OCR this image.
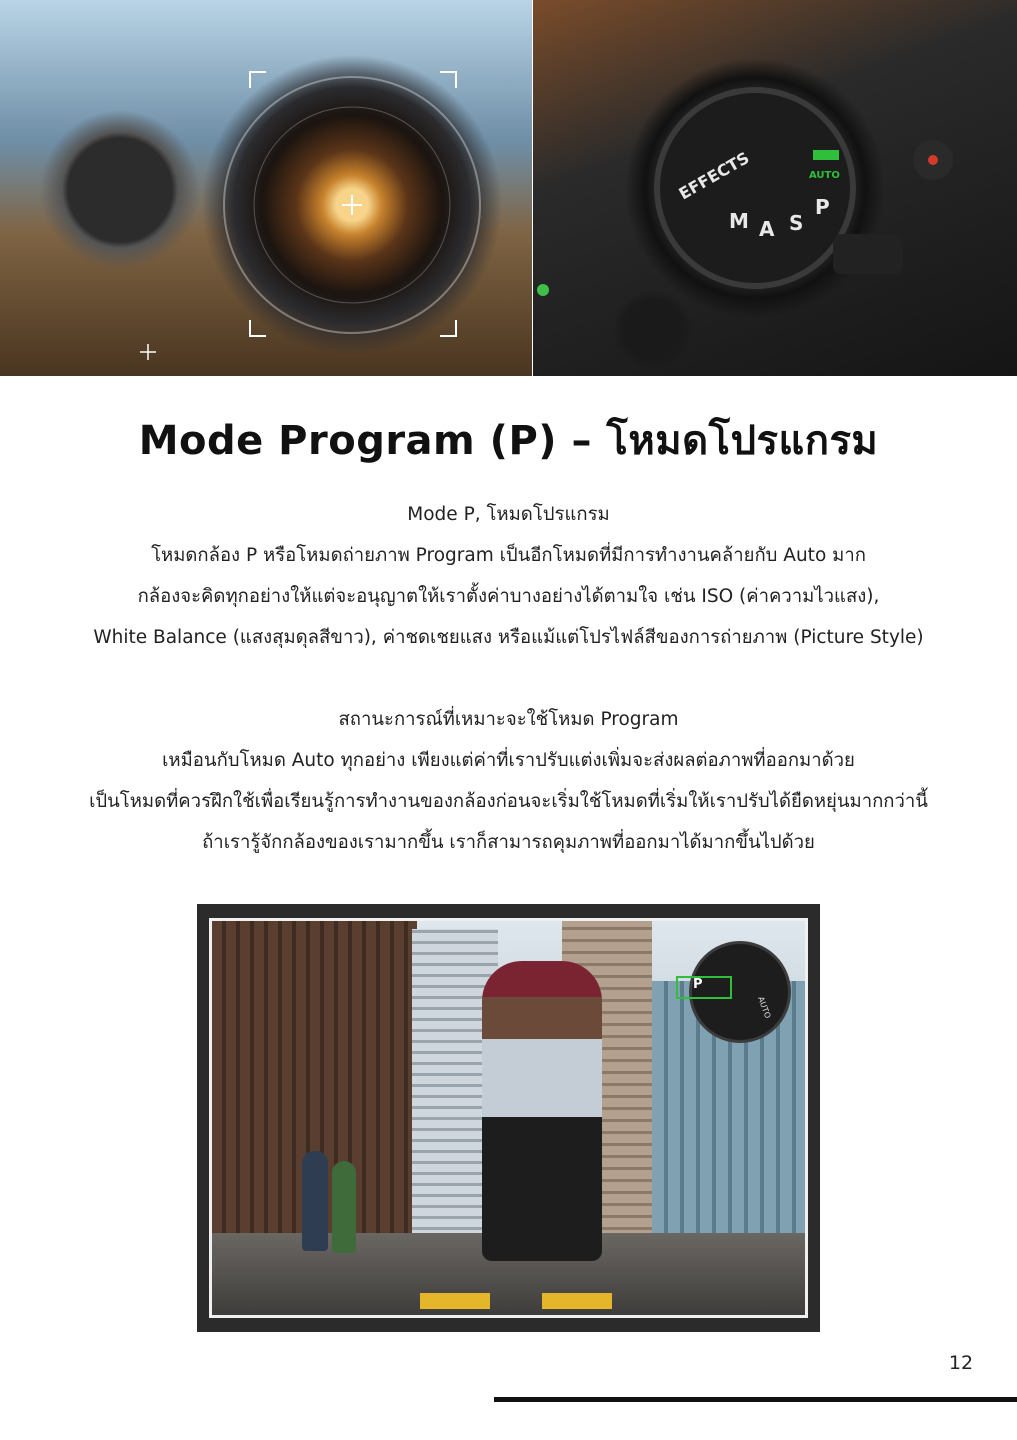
EFFECTS
M A S
P
AUTO
Mode Program (P) – โหมดโปรแกรม
Mode P, โหมดโปรแกรม
โหมดกล้อง P หรือโหมดถ่ายภาพ Program เป็นอีกโหมดที่มีการทำงานคล้ายกับ Auto มาก
กล้องจะคิดทุกอย่างให้แต่จะอนุญาตให้เราตั้งค่าบางอย่างได้ตามใจ เช่น ISO (ค่าความไวแสง),
White Balance (แสงสุมดุลสีขาว), ค่าชดเชยแสง หรือแม้แต่โปรไฟล์สีของการถ่ายภาพ (Picture Style)
สถานะการณ์ที่เหมาะจะใช้โหมด Program
เหมือนกับโหมด Auto ทุกอย่าง เพียงแต่ค่าที่เราปรับแต่งเพิ่มจะส่งผลต่อภาพที่ออกมาด้วย
เป็นโหมดที่ควรฝึกใช้เพื่อเรียนรู้การทำงานของกล้องก่อนจะเริ่มใช้โหมดที่เริ่มให้เราปรับได้ยืดหยุ่นมากกว่านี้
ถ้าเรารู้จักกล้องของเรามากขึ้น เราก็สามารถคุมภาพที่ออกมาได้มากขึ้นไปด้วย
P
AUTO
12
